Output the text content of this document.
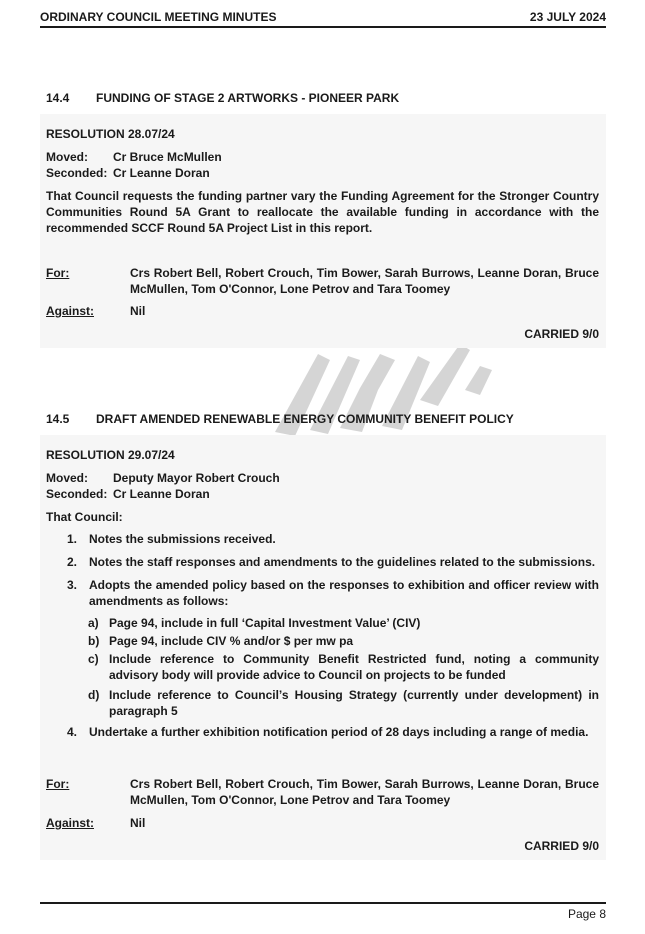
ORDINARY COUNCIL MEETING MINUTES	23 JULY 2024
14.4 FUNDING OF STAGE 2 ARTWORKS - PIONEER PARK
RESOLUTION 28.07/24
Moved: Cr Bruce McMullen
Seconded: Cr Leanne Doran
That Council requests the funding partner vary the Funding Agreement for the Stronger Country Communities Round 5A Grant to reallocate the available funding in accordance with the recommended SCCF Round 5A Project List in this report.
For:	Crs Robert Bell, Robert Crouch, Tim Bower, Sarah Burrows, Leanne Doran, Bruce McMullen, Tom O'Connor, Lone Petrov and Tara Toomey
Against:	Nil
CARRIED 9/0
14.5 DRAFT AMENDED RENEWABLE ENERGY COMMUNITY BENEFIT POLICY
RESOLUTION 29.07/24
Moved: Deputy Mayor Robert Crouch
Seconded: Cr Leanne Doran
That Council:
1. Notes the submissions received.
2. Notes the staff responses and amendments to the guidelines related to the submissions.
3. Adopts the amended policy based on the responses to exhibition and officer review with amendments as follows:
a) Page 94, include in full ‘Capital Investment Value’ (CIV)
b) Page 94, include CIV % and/or $ per mw pa
c) Include reference to Community Benefit Restricted fund, noting a community advisory body will provide advice to Council on projects to be funded
d) Include reference to Council’s Housing Strategy (currently under development) in paragraph 5
4. Undertake a further exhibition notification period of 28 days including a range of media.
For:	Crs Robert Bell, Robert Crouch, Tim Bower, Sarah Burrows, Leanne Doran, Bruce McMullen, Tom O'Connor, Lone Petrov and Tara Toomey
Against:	Nil
CARRIED 9/0
Page 8
